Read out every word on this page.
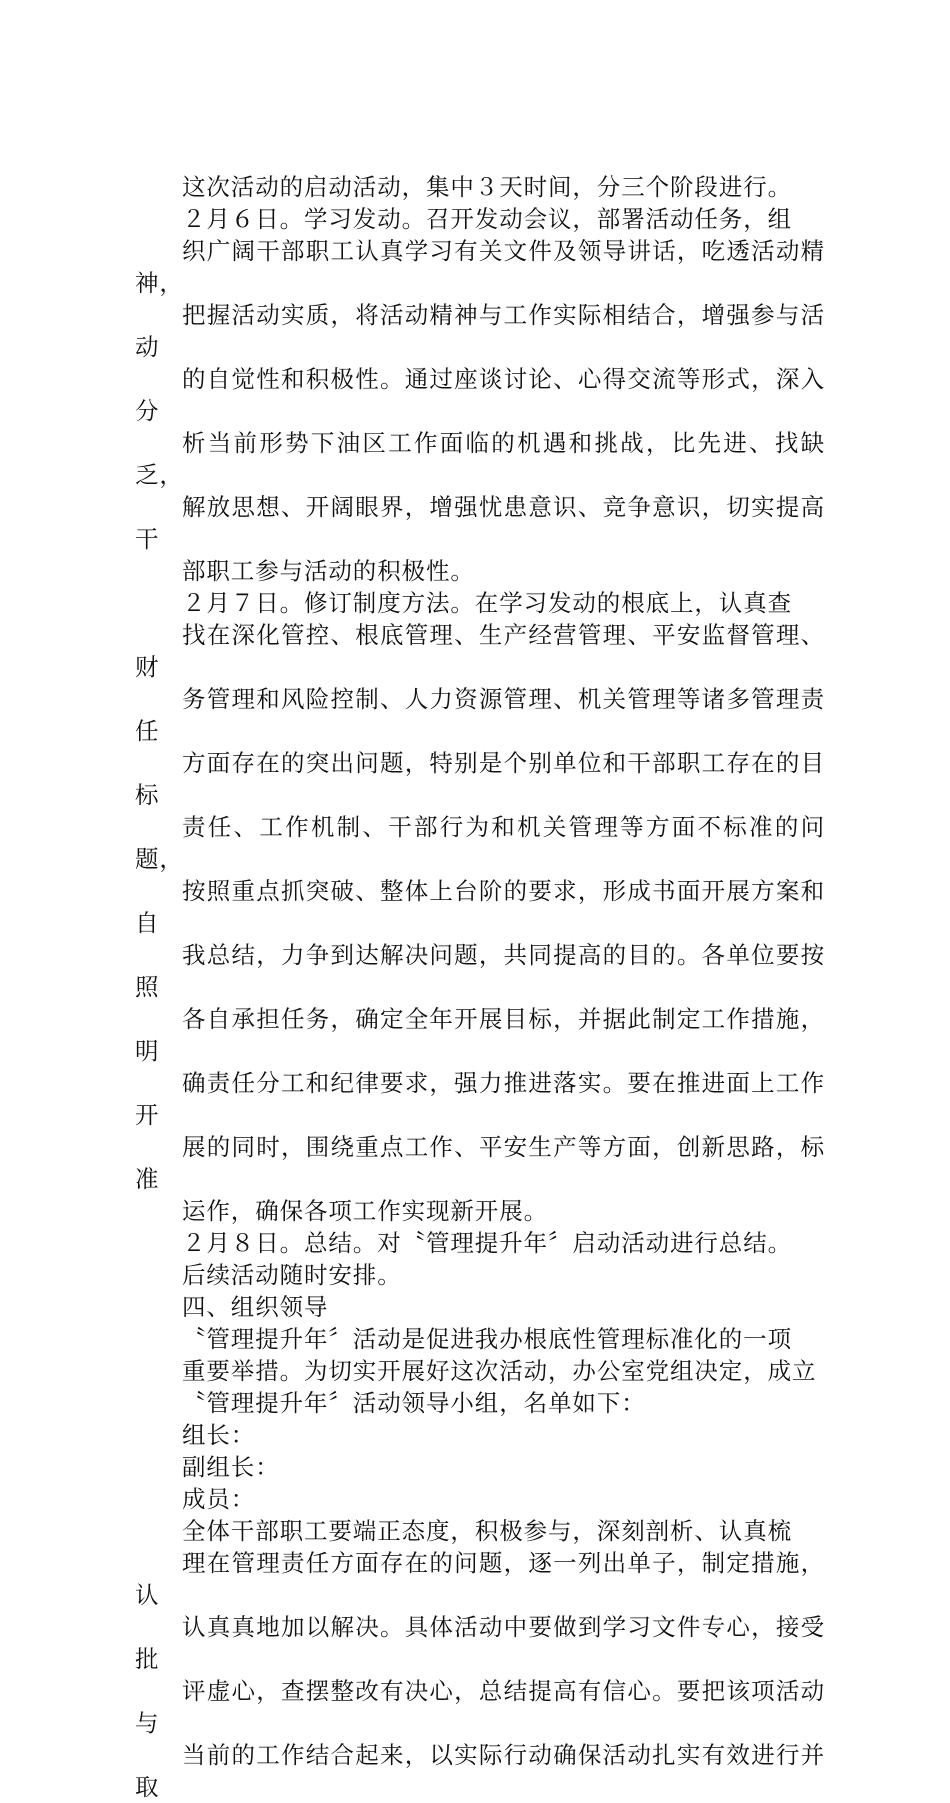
这次活动的启动活动，集中３天时间，分三个阶段进行。

２月６日。学习发动。召开发动会议，部署活动任务，组
织广阔干部职工认真学习有关文件及领导讲话，吃透活动精神，
把握活动实质，将活动精神与工作实际相结合，增强参与活动
的自觉性和积极性。通过座谈讨论、心得交流等形式，深入分
析当前形势下油区工作面临的机遇和挑战，比先进、找缺乏，
解放思想、开阔眼界，增强忧患意识、竞争意识，切实提高干
部职工参与活动的积极性。

２月７日。修订制度方法。在学习发动的根底上，认真查
找在深化管控、根底管理、生产经营管理、平安监督管理、财
务管理和风险控制、人力资源管理、机关管理等诸多管理责任
方面存在的突出问题，特别是个别单位和干部职工存在的目标
责任、工作机制、干部行为和机关管理等方面不标准的问题，
按照重点抓突破、整体上台阶的要求，形成书面开展方案和自
我总结，力争到达解决问题，共同提高的目的。各单位要按照
各自承担任务，确定全年开展目标，并据此制定工作措施，明
确责任分工和纪律要求，强力推进落实。要在推进面上工作开
展的同时，围绕重点工作、平安生产等方面，创新思路，标准
运作，确保各项工作实现新开展。

２月８日。总结。对〝管理提升年〞启动活动进行总结。
后续活动随时安排。

四、组织领导

〝管理提升年〞活动是促进我办根底性管理标准化的一项
重要举措。为切实开展好这次活动，办公室党组决定，成立
〝管理提升年〞活动领导小组，名单如下：

组长：

副组长：

成员：

全体干部职工要端正态度，积极参与，深刻剖析、认真梳
理在管理责任方面存在的问题，逐一列出单子，制定措施，认
认真真地加以解决。具体活动中要做到学习文件专心，接受批
评虚心，查摆整改有决心，总结提高有信心。要把该项活动与
当前的工作结合起来，以实际行动确保活动扎实有效进行并取
